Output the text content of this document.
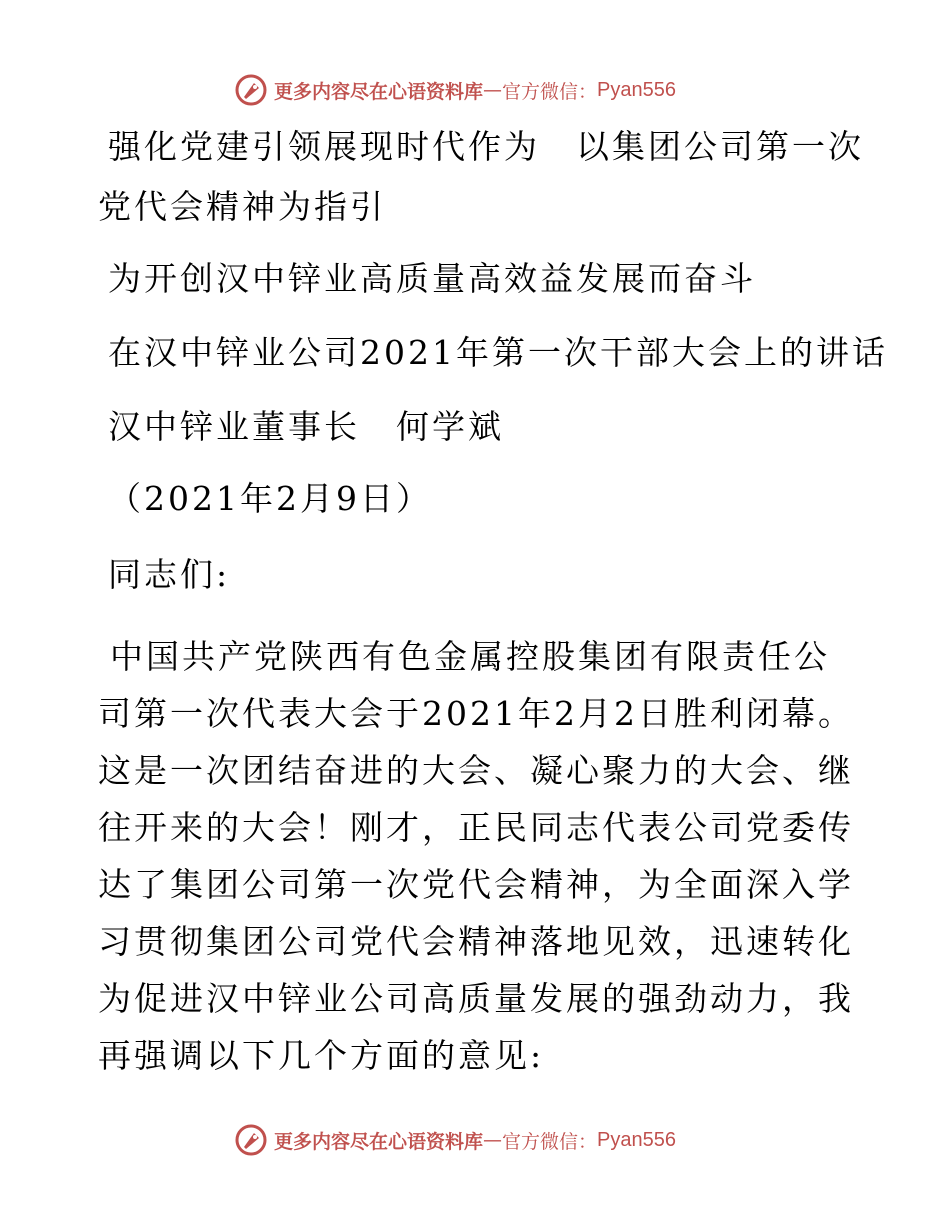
更多内容尽在心语资料库 — 官方微信： Pyan556

强化党建引领展现时代作为　以集团公司第一次

党代会精神为指引

为开创汉中锌业高质量高效益发展而奋斗

在汉中锌业公司2021年第一次干部大会上的讲话

汉中锌业董事长　何学斌

（2021年2月9日）

同志们:

中国共产党陕西有色金属控股集团有限责任公司第一次代表大会于2021年2月2日胜利闭幕。这是一次团结奋进的大会、凝心聚力的大会、继往开来的大会！刚才，正民同志代表公司党委传达了集团公司第一次党代会精神，为全面深入学习贯彻集团公司党代会精神落地见效，迅速转化为促进汉中锌业公司高质量发展的强劲动力，我再强调以下几个方面的意见:

更多内容尽在心语资料库 — 官方微信： Pyan556
